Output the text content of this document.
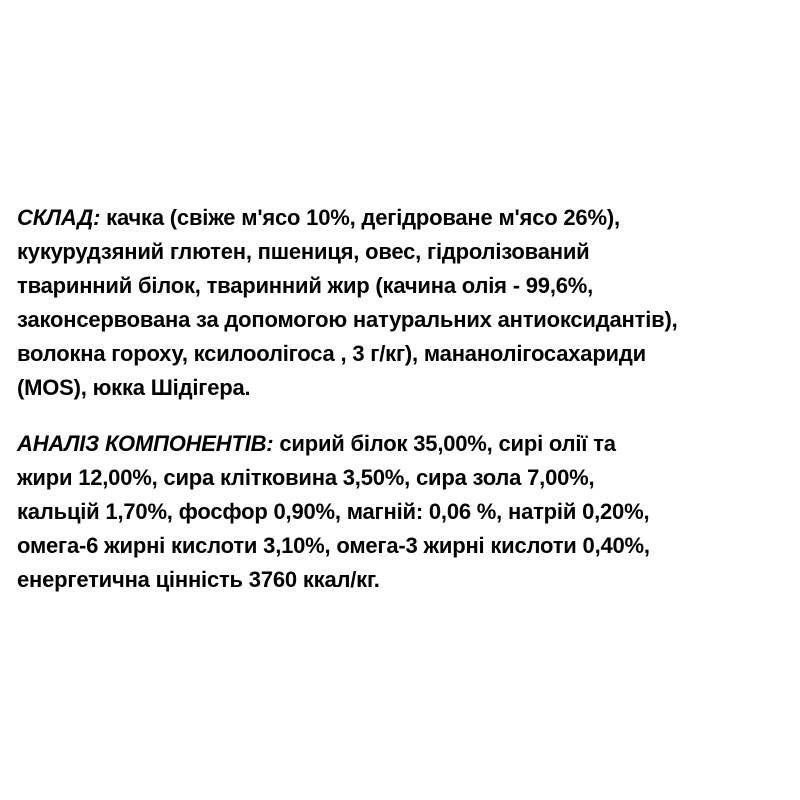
СКЛАД: качка (свіже м'ясо 10%, дегідроване м'ясо 26%),
кукурудзяний глютен, пшениця, овес, гідролізований
тваринний білок, тваринний жир (качина олія - 99,6%,
законсервована за допомогою натуральних антиоксидантів),
волокна гороху, ксилоолігоса , 3 г/кг), мананолігосахариди
(MOS), юкка Шідігера.

АНАЛІЗ КОМПОНЕНТІВ: сирий білок 35,00%, сирі олії та
жири 12,00%, сира клітковина 3,50%, сира зола 7,00%,
кальцій 1,70%, фосфор 0,90%, магній: 0,06 %, натрій 0,20%,
омега-6 жирні кислоти 3,10%, омега-3 жирні кислоти 0,40%,
енергетична цінність 3760 ккал/кг.
